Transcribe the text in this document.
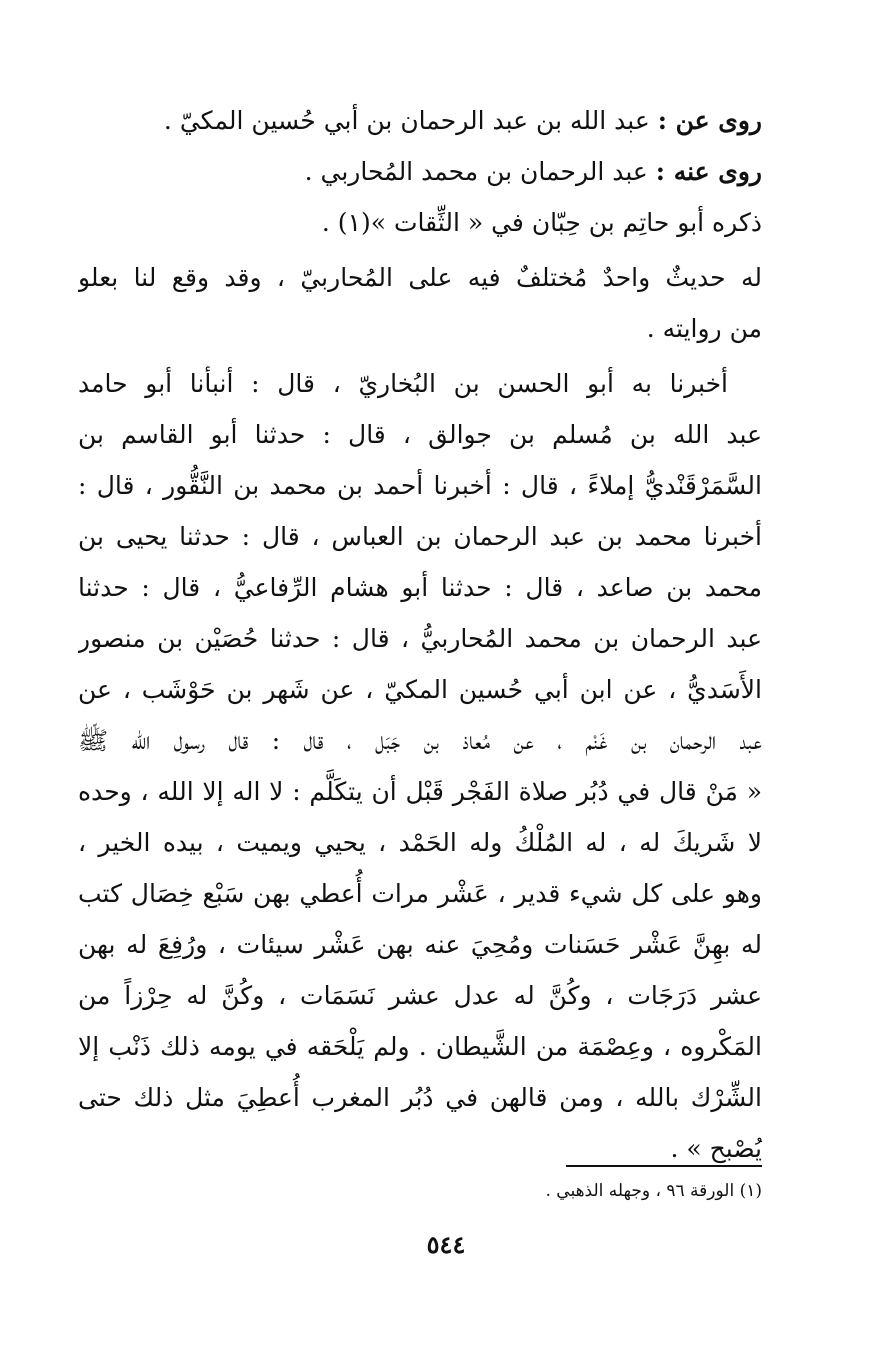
روى عن : عبد الله بن عبد الرحمان بن أبي حُسين المكيّ .
روى عنه : عبد الرحمان بن محمد المُحاربي .
ذكره أبو حاتِم بن حِبّان في « الثِّقات »(١) .
له حديثٌ واحدٌ مُختلفٌ فيه على المُحاربيّ ، وقد وقع لنا بعلو
من روايته .
أخبرنا به أبو الحسن بن البُخاريّ ، قال : أنبأنا أبو حامد
عبد الله بن مُسلم بن جوالق ، قال : حدثنا أبو القاسم بن
السَّمَرْقَنْديُّ إملاءً ، قال : أخبرنا أحمد بن محمد بن النَّقُّور ، قال :
أخبرنا محمد بن عبد الرحمان بن العباس ، قال : حدثنا يحيى بن
محمد بن صاعد ، قال : حدثنا أبو هشام الرِّفاعيُّ ، قال : حدثنا
عبد الرحمان بن محمد المُحاربيُّ ، قال : حدثنا حُصَيْن بن منصور
الأَسَديُّ ، عن ابن أبي حُسين المكيّ ، عن شَهر بن حَوْشَب ، عن
عبد الرحمان بن غَنْم ، عن مُعاذ بن جَبَل ، قال : قال رسول الله ﷺ
« مَنْ قال في دُبُر صلاة الفَجْر قَبْل أن يتكَلَّم : لا اله إلا الله ، وحده
لا شَريكَ له ، له المُلْكُ وله الحَمْد ، يحيي ويميت ، بيده الخير ،
وهو على كل شيء قدير ، عَشْر مرات أُعطي بهن سَبْع خِصَال كتب
له بهِنَّ عَشْر حَسَنات ومُحِيَ عنه بهن عَشْر سيئات ، ورُفِعَ له بهن
عشر دَرَجَات ، وكُنَّ له عدل عشر نَسَمَات ، وكُنَّ له حِرْزاً من
المَكْروه ، وعِصْمَة من الشَّيطان . ولم يَلْحَقه في يومه ذلك ذَنْب إلا
الشِّرْك بالله ، ومن قالهن في دُبُر المغرب أُعطِيَ مثل ذلك حتى
يُصْبح » .
(١) الورقة ٩٦ ، وجهله الذهبي .
٥٤٤
